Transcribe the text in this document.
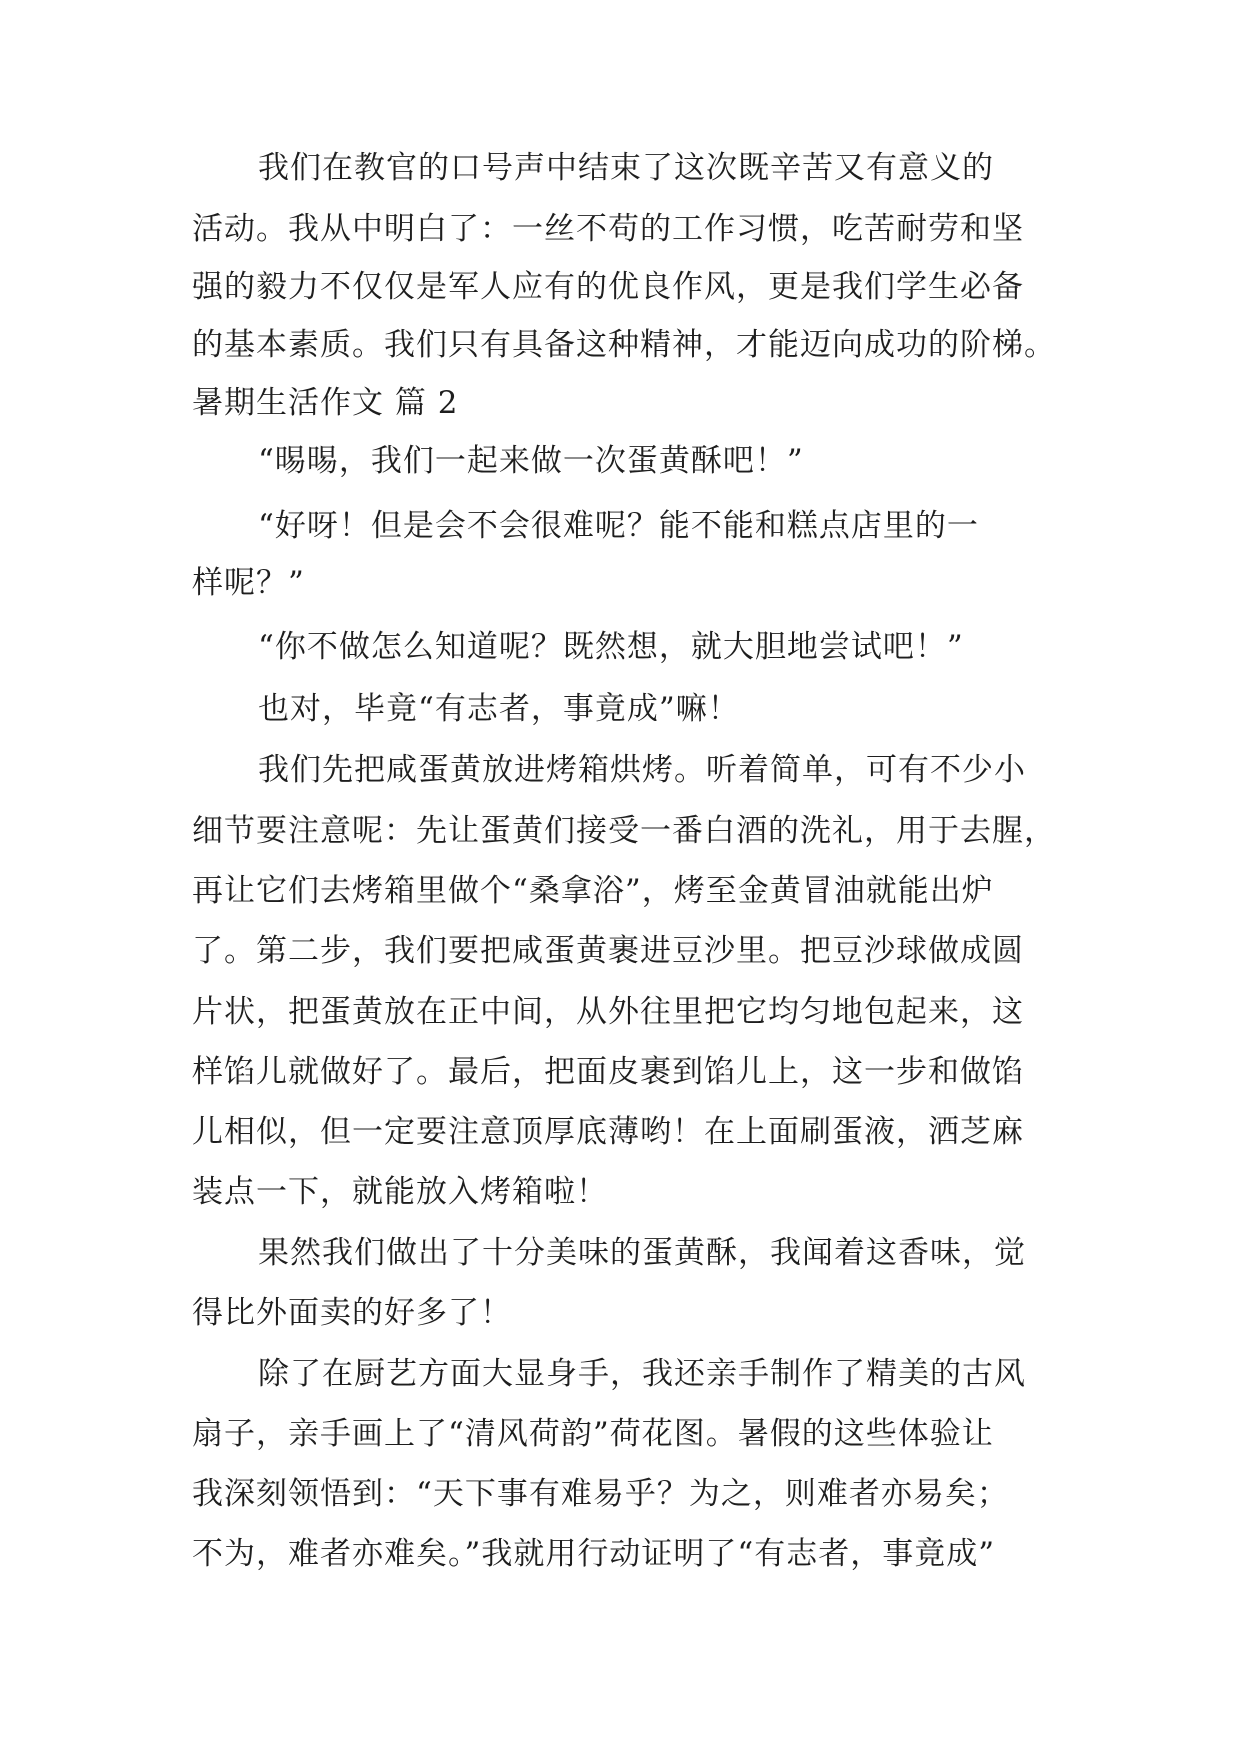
我们在教官的口号声中结束了这次既辛苦又有意义的
活动。我从中明白了：一丝不苟的工作习惯，吃苦耐劳和坚
强的毅力不仅仅是军人应有的优良作风，更是我们学生必备
的基本素质。我们只有具备这种精神，才能迈向成功的阶梯。
暑期生活作文 篇 2
“晹晹，我们一起来做一次蛋黄酥吧！”
“好呀！但是会不会很难呢？能不能和糕点店里的一
样呢？”
“你不做怎么知道呢？既然想，就大胆地尝试吧！”
也对，毕竟“有志者，事竟成”嘛！
我们先把咸蛋黄放进烤箱烘烤。听着简单，可有不少小
细节要注意呢：先让蛋黄们接受一番白酒的洗礼，用于去腥，
再让它们去烤箱里做个“桑拿浴”，烤至金黄冒油就能出炉
了。第二步，我们要把咸蛋黄裹进豆沙里。把豆沙球做成圆
片状，把蛋黄放在正中间，从外往里把它均匀地包起来，这
样馅儿就做好了。最后，把面皮裹到馅儿上，这一步和做馅
儿相似，但一定要注意顶厚底薄哟！在上面刷蛋液，洒芝麻
装点一下，就能放入烤箱啦！
果然我们做出了十分美味的蛋黄酥，我闻着这香味，觉
得比外面卖的好多了！
除了在厨艺方面大显身手，我还亲手制作了精美的古风
扇子，亲手画上了“清风荷韵”荷花图。暑假的这些体验让
我深刻领悟到：“天下事有难易乎？为之，则难者亦易矣；
不为，难者亦难矣。”我就用行动证明了“有志者，事竟成”
